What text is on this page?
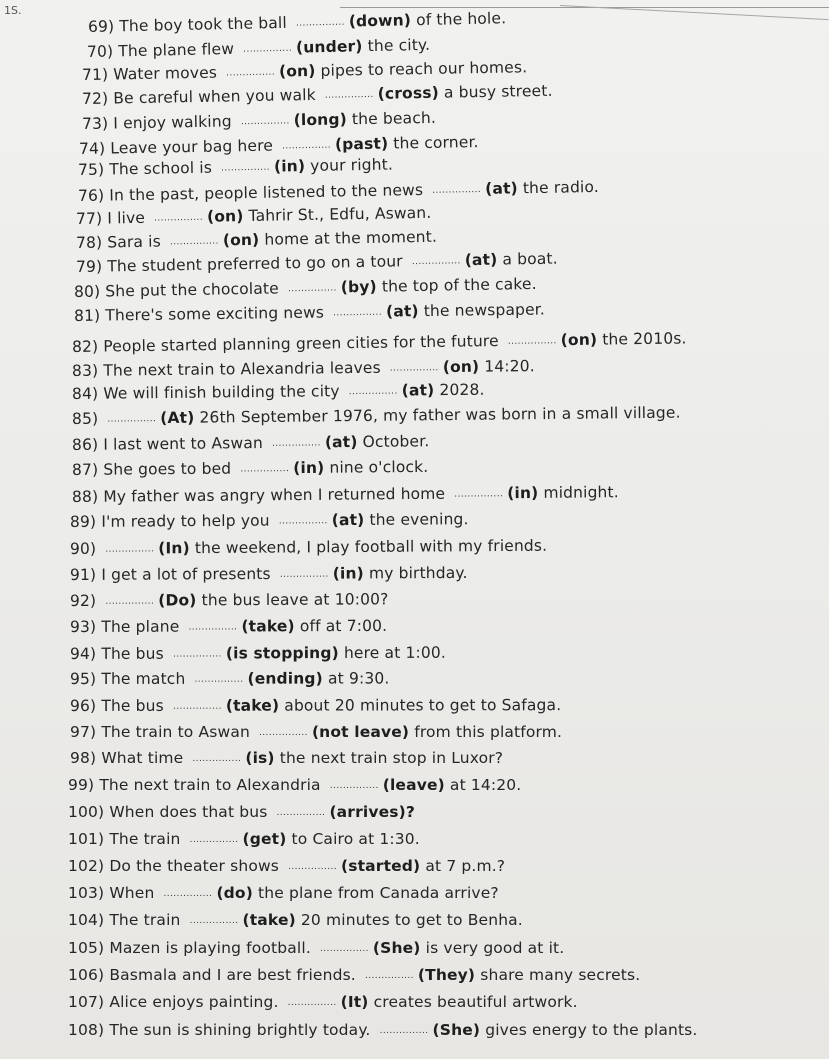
1S.
69) The boy took the ball ............... (down) of the hole.
70) The plane flew ............... (under) the city.
71) Water moves ............... (on) pipes to reach our homes.
72) Be careful when you walk ............... (cross) a busy street.
73) I enjoy walking ............... (long) the beach.
74) Leave your bag here ............... (past) the corner.
75) The school is ............... (in) your right.
76) In the past, people listened to the news ............... (at) the radio.
77) I live ............... (on) Tahrir St., Edfu, Aswan.
78) Sara is ............... (on) home at the moment.
79) The student preferred to go on a tour ............... (at) a boat.
80) She put the chocolate ............... (by) the top of the cake.
81) There's some exciting news ............... (at) the newspaper.
82) People started planning green cities for the future ............... (on) the 2010s.
83) The next train to Alexandria leaves ............... (on) 14:20.
84) We will finish building the city ............... (at) 2028.
85) ............... (At) 26th September 1976, my father was born in a small village.
86) I last went to Aswan ............... (at) October.
87) She goes to bed ............... (in) nine o'clock.
88) My father was angry when I returned home ............... (in) midnight.
89) I'm ready to help you ............... (at) the evening.
90) ............... (In) the weekend, I play football with my friends.
91) I get a lot of presents ............... (in) my birthday.
92) ............... (Do) the bus leave at 10:00?
93) The plane ............... (take) off at 7:00.
94) The bus ............... (is stopping) here at 1:00.
95) The match ............... (ending) at 9:30.
96) The bus ............... (take) about 20 minutes to get to Safaga.
97) The train to Aswan ............... (not leave) from this platform.
98) What time ............... (is) the next train stop in Luxor?
99) The next train to Alexandria ............... (leave) at 14:20.
100) When does that bus ............... (arrives)?
101) The train ............... (get) to Cairo at 1:30.
102) Do the theater shows ............... (started) at 7 p.m.?
103) When ............... (do) the plane from Canada arrive?
104) The train ............... (take) 20 minutes to get to Benha.
105) Mazen is playing football. ............... (She) is very good at it.
106) Basmala and I are best friends. ............... (They) share many secrets.
107) Alice enjoys painting. ............... (It) creates beautiful artwork.
108) The sun is shining brightly today. ............... (She) gives energy to the plants.
